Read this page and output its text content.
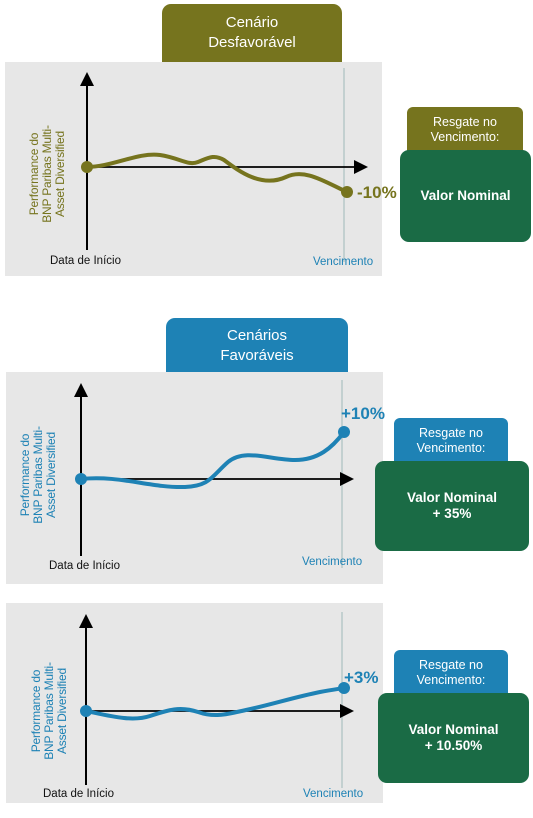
Cenário
Desfavorável
Performance do BNP Paribas Multi- Asset Diversified
Data de Início	Vencimento
-10%
Resgate no
Vencimento:
Valor Nominal
Cenários
Favoráveis
Performance do BNP Paribas Multi- Asset Diversified
Data de Início	Vencimento
+10%
Resgate no
Vencimento:
Valor Nominal
+ 35%
Performance do BNP Paribas Multi- Asset Diversified
Data de Início	Vencimento
+3%
Resgate no
Vencimento:
Valor Nominal
+ 10.50%
